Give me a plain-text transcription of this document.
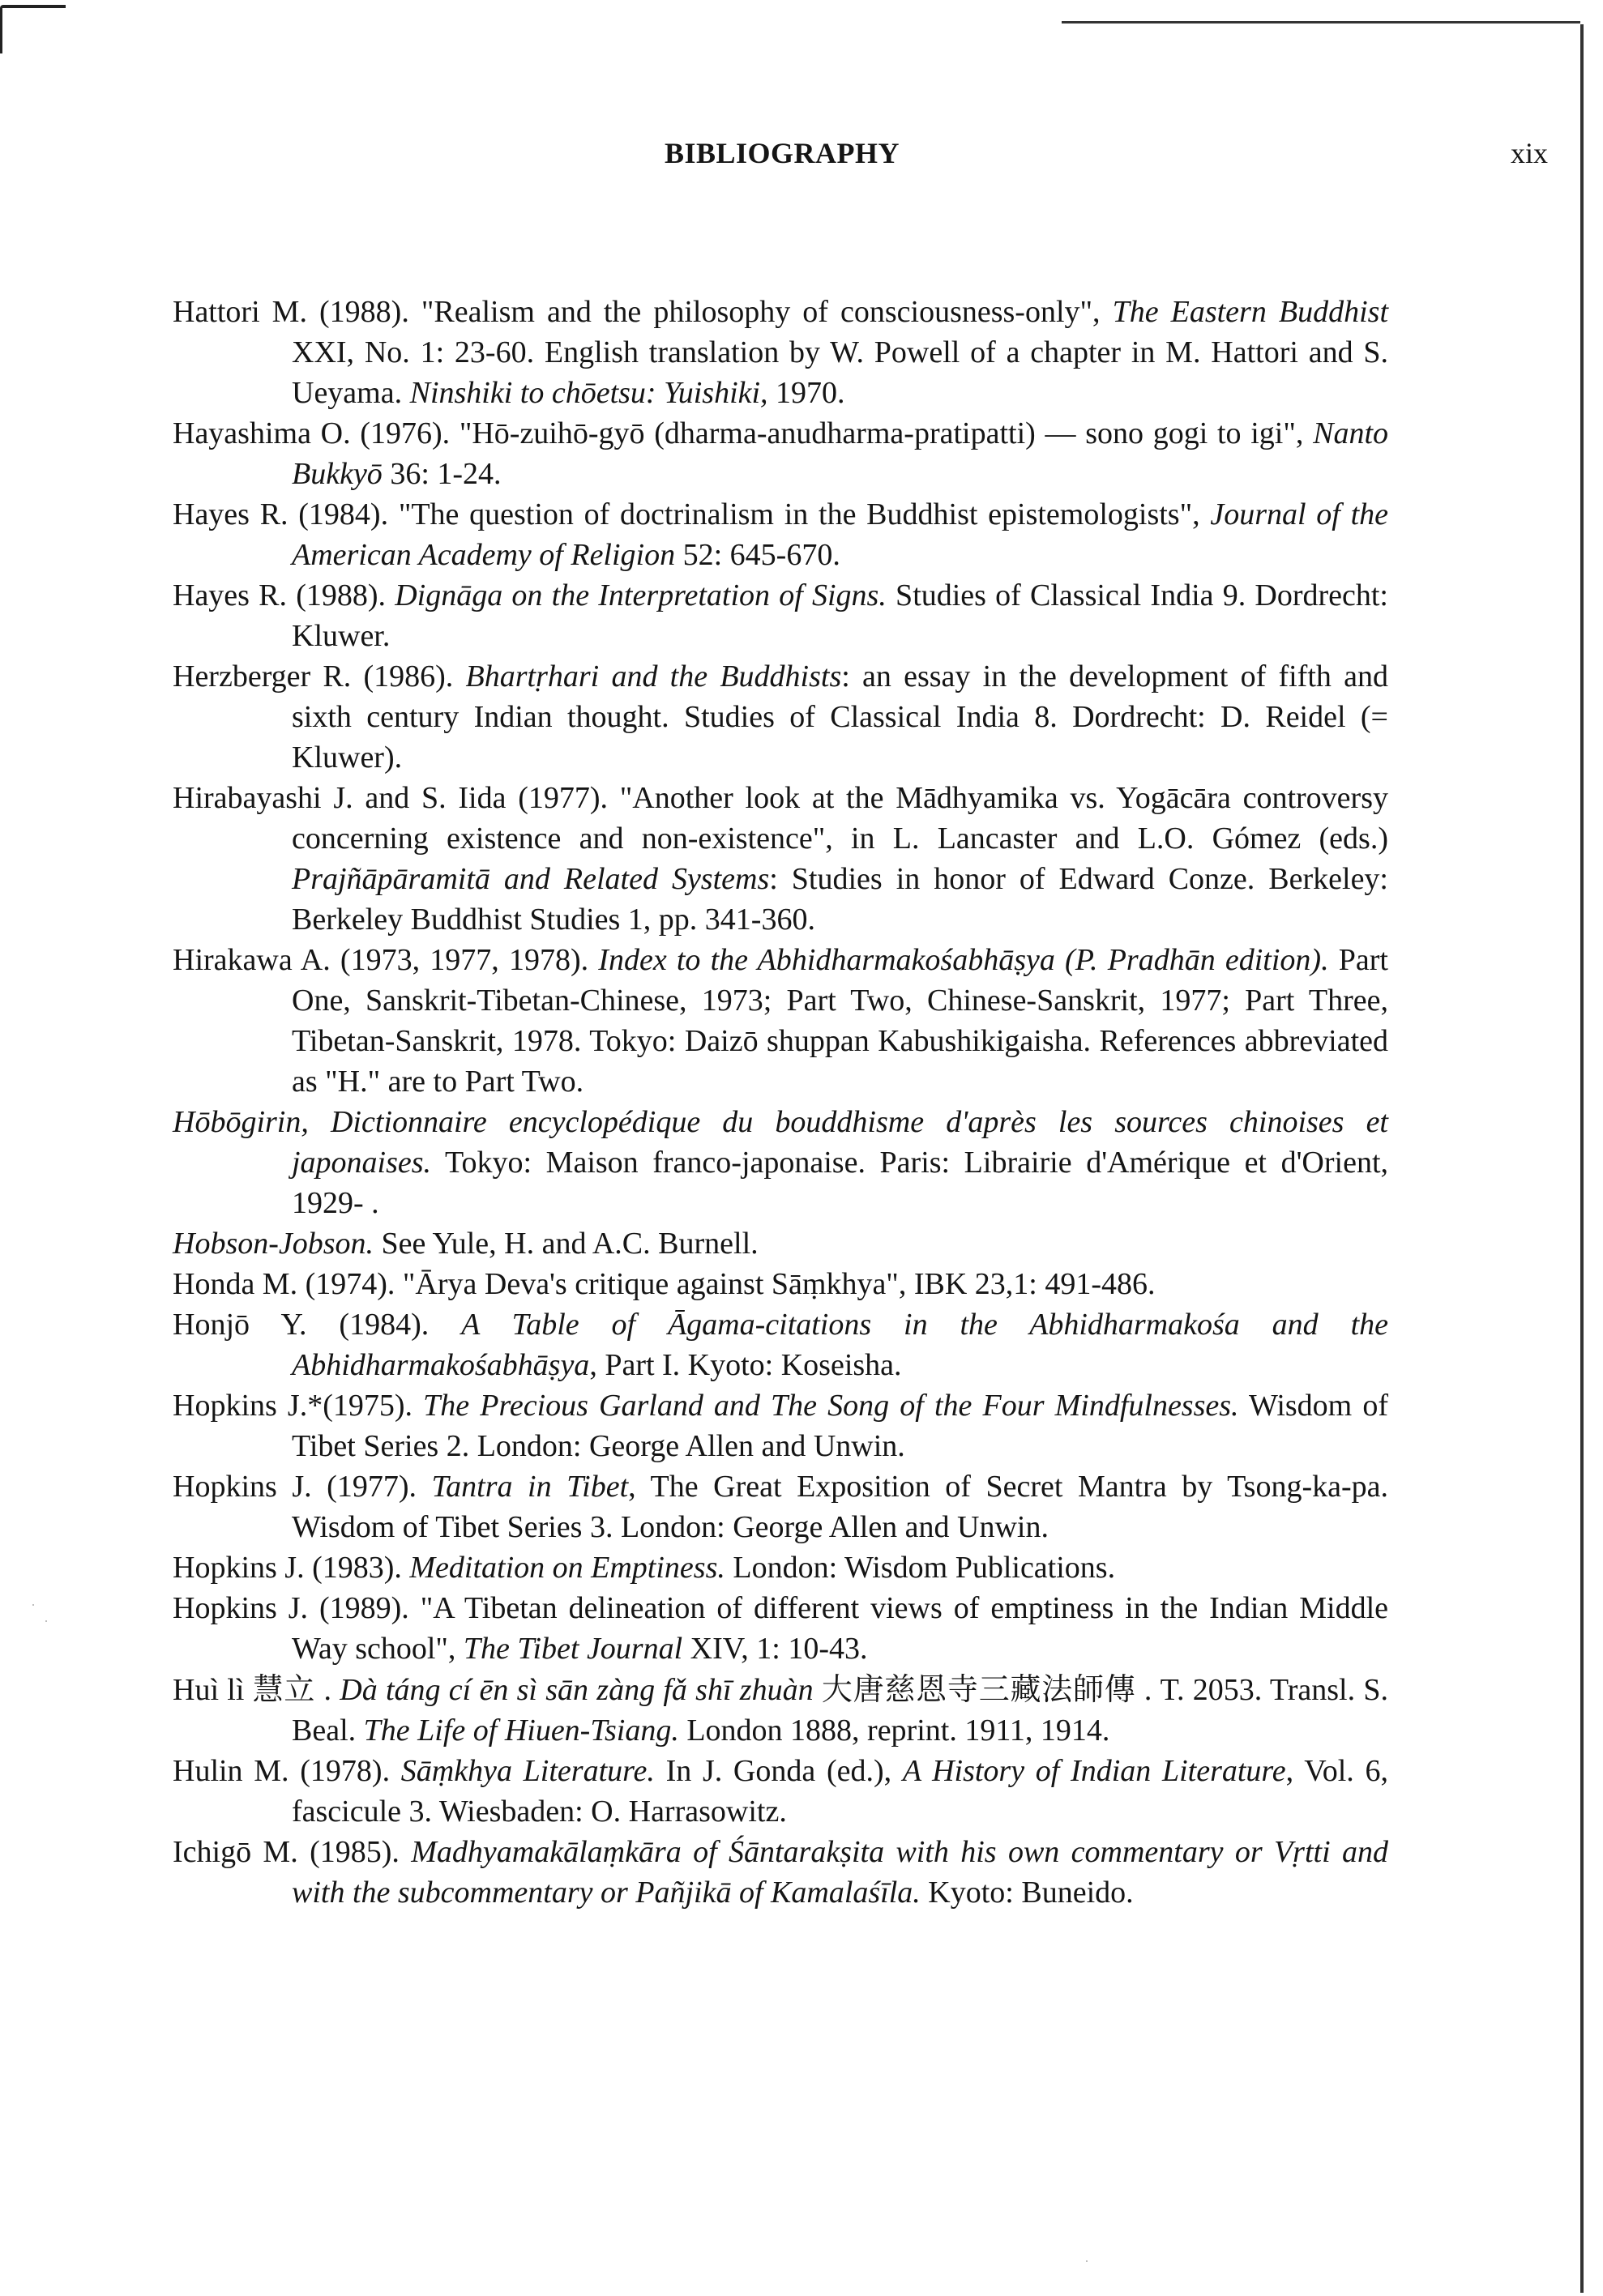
BIBLIOGRAPHY	xix

Hattori M. (1988). "Realism and the philosophy of consciousness-only", The Eastern Buddhist XXI, No. 1: 23-60. English translation by W. Powell of a chapter in M. Hattori and S. Ueyama. Ninshiki to chōetsu: Yuishiki, 1970.

Hayashima O. (1976). "Hō-zuihō-gyō (dharma-anudharma-pratipatti) — sono gogi to igi", Nanto Bukkyō 36: 1-24.

Hayes R. (1984). "The question of doctrinalism in the Buddhist epistemologists", Journal of the American Academy of Religion 52: 645-670.

Hayes R. (1988). Dignāga on the Interpretation of Signs. Studies of Classical India 9. Dordrecht: Kluwer.

Herzberger R. (1986). Bhartṛhari and the Buddhists: an essay in the development of fifth and sixth century Indian thought. Studies of Classical India 8. Dordrecht: D. Reidel (= Kluwer).

Hirabayashi J. and S. Iida (1977). "Another look at the Mādhyamika vs. Yogācāra controversy concerning existence and non-existence", in L. Lancaster and L.O. Gómez (eds.) Prajñāpāramitā and Related Systems: Studies in honor of Edward Conze. Berkeley: Berkeley Buddhist Studies 1, pp. 341-360.

Hirakawa A. (1973, 1977, 1978). Index to the Abhidharmakośabhāṣya (P. Pradhān edition). Part One, Sanskrit-Tibetan-Chinese, 1973; Part Two, Chinese-Sanskrit, 1977; Part Three, Tibetan-Sanskrit, 1978. Tokyo: Daizō shuppan Kabushikigaisha. References abbreviated as "H." are to Part Two.

Hōbōgirin, Dictionnaire encyclopédique du bouddhisme d'après les sources chinoises et japonaises. Tokyo: Maison franco-japonaise. Paris: Librairie d'Amérique et d'Orient, 1929- .

Hobson-Jobson. See Yule, H. and A.C. Burnell.

Honda M. (1974). "Ārya Deva's critique against Sāṃkhya", IBK 23,1: 491-486.

Honjō Y. (1984). A Table of Āgama-citations in the Abhidharmakośa and the Abhidharmakośabhāṣya, Part I. Kyoto: Koseisha.

Hopkins J.*(1975). The Precious Garland and The Song of the Four Mindfulnesses. Wisdom of Tibet Series 2. London: George Allen and Unwin.

Hopkins J. (1977). Tantra in Tibet, The Great Exposition of Secret Mantra by Tsong-ka-pa. Wisdom of Tibet Series 3. London: George Allen and Unwin.

Hopkins J. (1983). Meditation on Emptiness. London: Wisdom Publications.

Hopkins J. (1989). "A Tibetan delineation of different views of emptiness in the Indian Middle Way school", The Tibet Journal XIV, 1: 10-43.

Huì lì 慧立 . Dà táng cí ēn sì sān zàng fǎ shī zhuàn 大唐慈恩寺三藏法師傳 . T. 2053. Transl. S. Beal. The Life of Hiuen-Tsiang. London 1888, reprint. 1911, 1914.

Hulin M. (1978). Sāṃkhya Literature. In J. Gonda (ed.), A History of Indian Literature, Vol. 6, fascicule 3. Wiesbaden: O. Harrasowitz.

Ichigō M. (1985). Madhyamakālaṃkāra of Śāntarakṣita with his own commentary or Vṛtti and with the subcommentary or Pañjikā of Kamalaśīla. Kyoto: Buneido.
